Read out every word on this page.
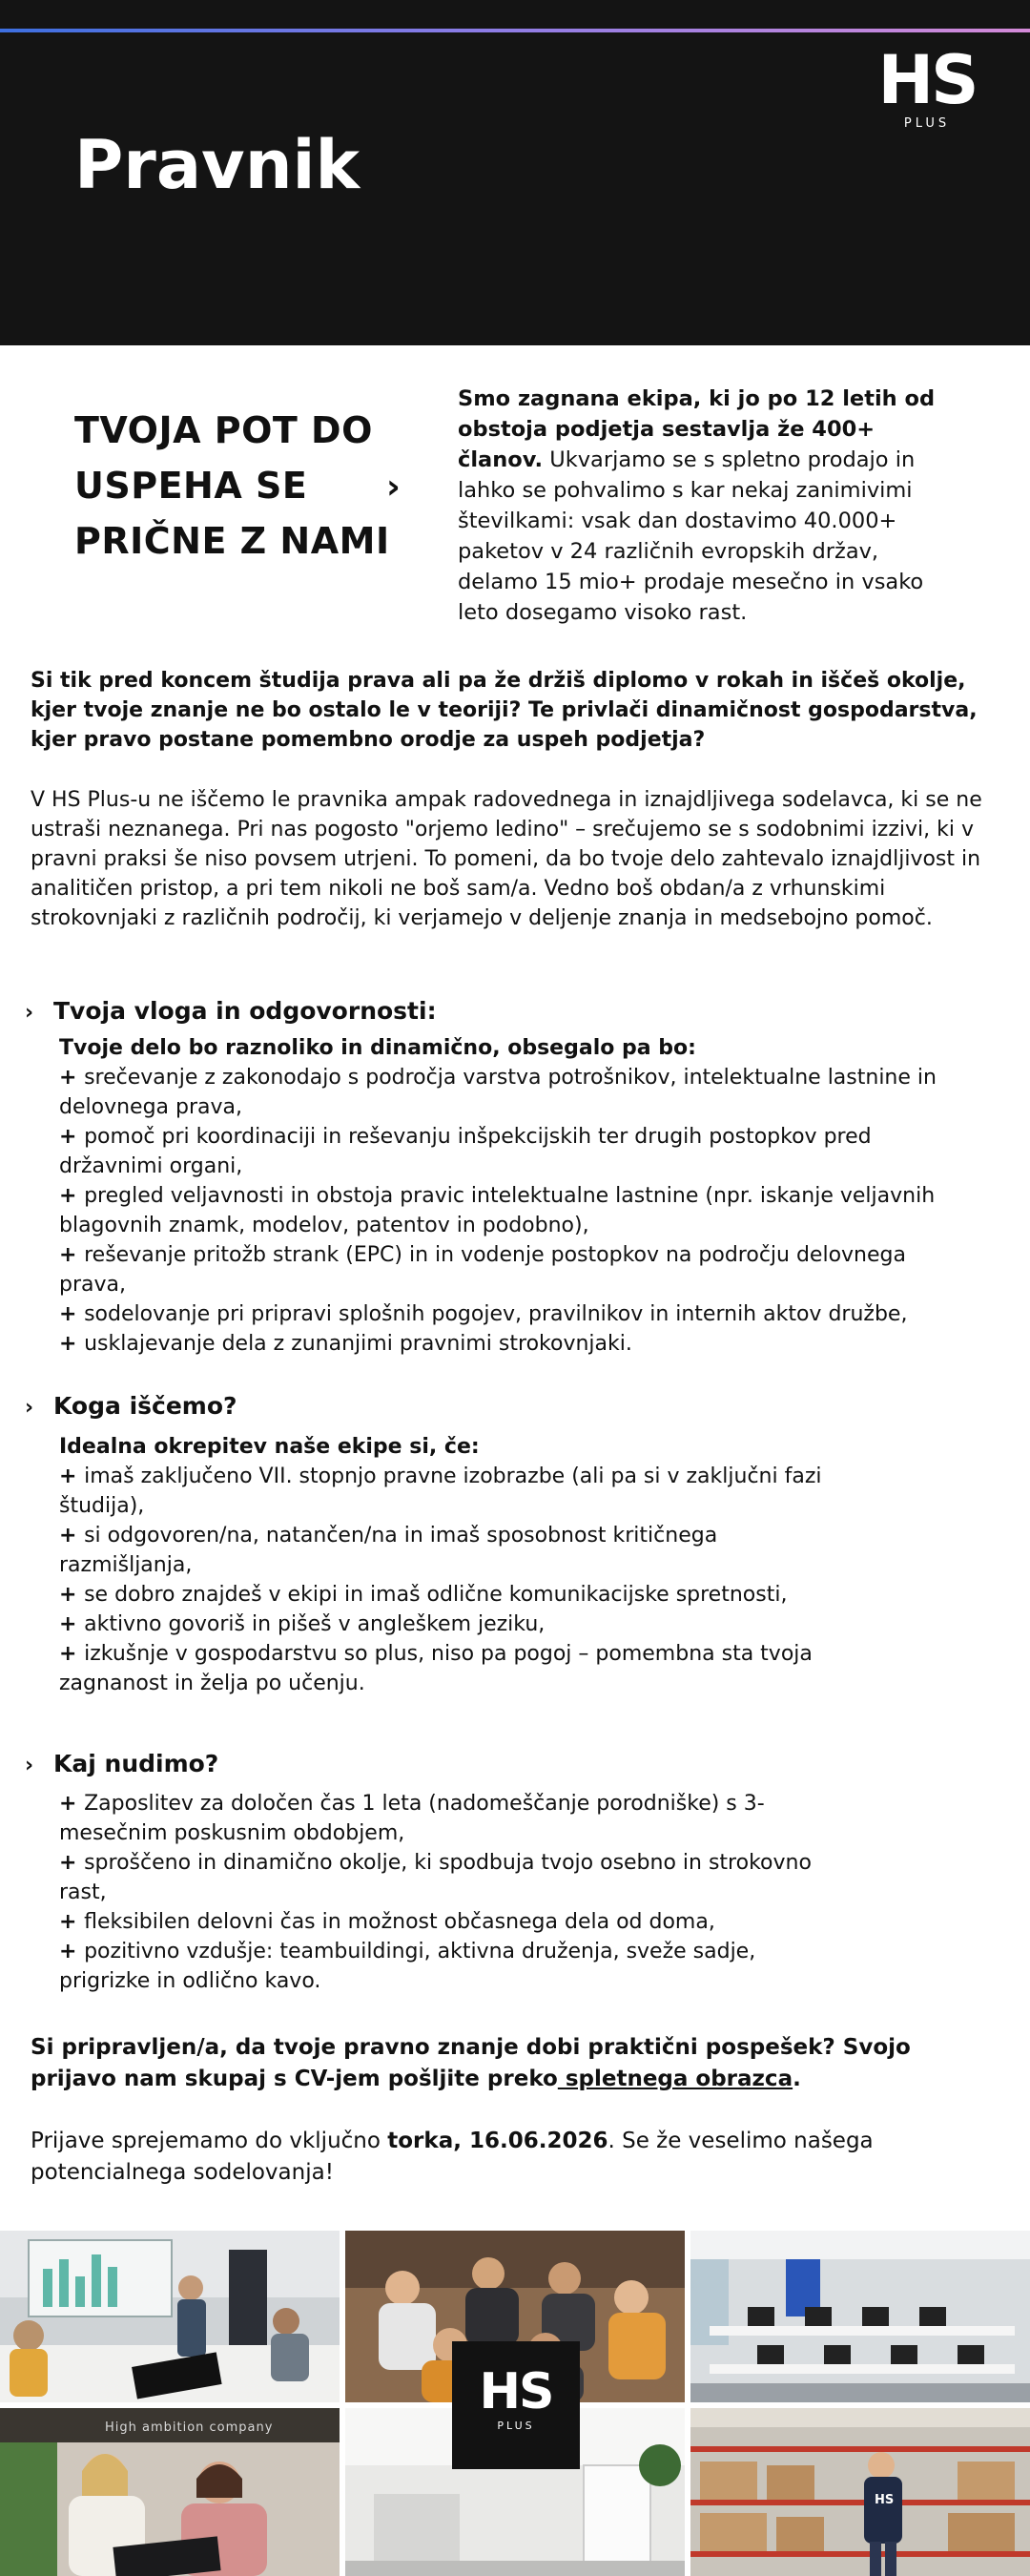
HS
PLUS
Pravnik
TVOJA POT DO
USPEHA SE
PRIČNE Z NAMI
›

Smo zagnana ekipa, ki jo po 12 letih od obstoja podjetja sestavlja že 400+ članov. Ukvarjamo se s spletno prodajo in lahko se pohvalimo s kar nekaj zanimivimi številkami: vsak dan dostavimo 40.000+ paketov v 24 različnih evropskih držav, delamo 15 mio+ prodaje mesečno in vsako leto dosegamo visoko rast.

Si tik pred koncem študija prava ali pa že držiš diplomo v rokah in iščeš okolje, kjer tvoje znanje ne bo ostalo le v teoriji? Te privlači dinamičnost gospodarstva, kjer pravo postane pomembno orodje za uspeh podjetja?

V HS Plus-u ne iščemo le pravnika ampak radovednega in iznajdljivega sodelavca, ki se ne ustraši neznanega. Pri nas pogosto "orjemo ledino" – srečujemo se s sodobnimi izzivi, ki v pravni praksi še niso povsem utrjeni. To pomeni, da bo tvoje delo zahtevalo iznajdljivost in analitičen pristop, a pri tem nikoli ne boš sam/a. Vedno boš obdan/a z vrhunskimi strokovnjaki z različnih področij, ki verjamejo v deljenje znanja in medsebojno pomoč.

› Tvoja vloga in odgovornosti:

Tvoje delo bo raznoliko in dinamično, obsegalo pa bo:

+ srečevanje z zakonodajo s področja varstva potrošnikov, intelektualne lastnine in delovnega prava,
+ pomoč pri koordinaciji in reševanju inšpekcijskih ter drugih postopkov pred državnimi organi,
+ pregled veljavnosti in obstoja pravic intelektualne lastnine (npr. iskanje veljavnih blagovnih znamk, modelov, patentov in podobno),
+ reševanje pritožb strank (EPC) in in vodenje postopkov na področju delovnega prava,
+ sodelovanje pri pripravi splošnih pogojev, pravilnikov in internih aktov družbe,
+ usklajevanje dela z zunanjimi pravnimi strokovnjaki.
› Koga iščemo?

Idealna okrepitev naše ekipe si, če:

+ imaš zaključeno VII. stopnjo pravne izobrazbe (ali pa si v zaključni fazi študija),
+ si odgovoren/na, natančen/na in imaš sposobnost kritičnega razmišljanja,
+ se dobro znajdeš v ekipi in imaš odlične komunikacijske spretnosti,
+ aktivno govoriš in pišeš v angleškem jeziku,
+ izkušnje v gospodarstvu so plus, niso pa pogoj – pomembna sta tvoja zagnanost in želja po učenju.
› Kaj nudimo?
+ Zaposlitev za določen čas 1 leta (nadomeščanje porodniške) s 3-mesečnim poskusnim obdobjem,
+ sproščeno in dinamično okolje, ki spodbuja tvojo osebno in strokovno rast,
+ fleksibilen delovni čas in možnost občasnega dela od doma,
+ pozitivno vzdušje: teambuildingi, aktivna druženja, sveže sadje, prigrizke in odlično kavo.

Si pripravljen/a, da tvoje pravno znanje dobi praktični pospešek? Svojo prijavo nam skupaj s CV-jem pošljite preko spletnega obrazca.

Prijave sprejemamo do vključno torka, 16.06.2026. Se že veselimo našega potencialnega sodelovanja!

High ambition company
HS
HS
PLUS
